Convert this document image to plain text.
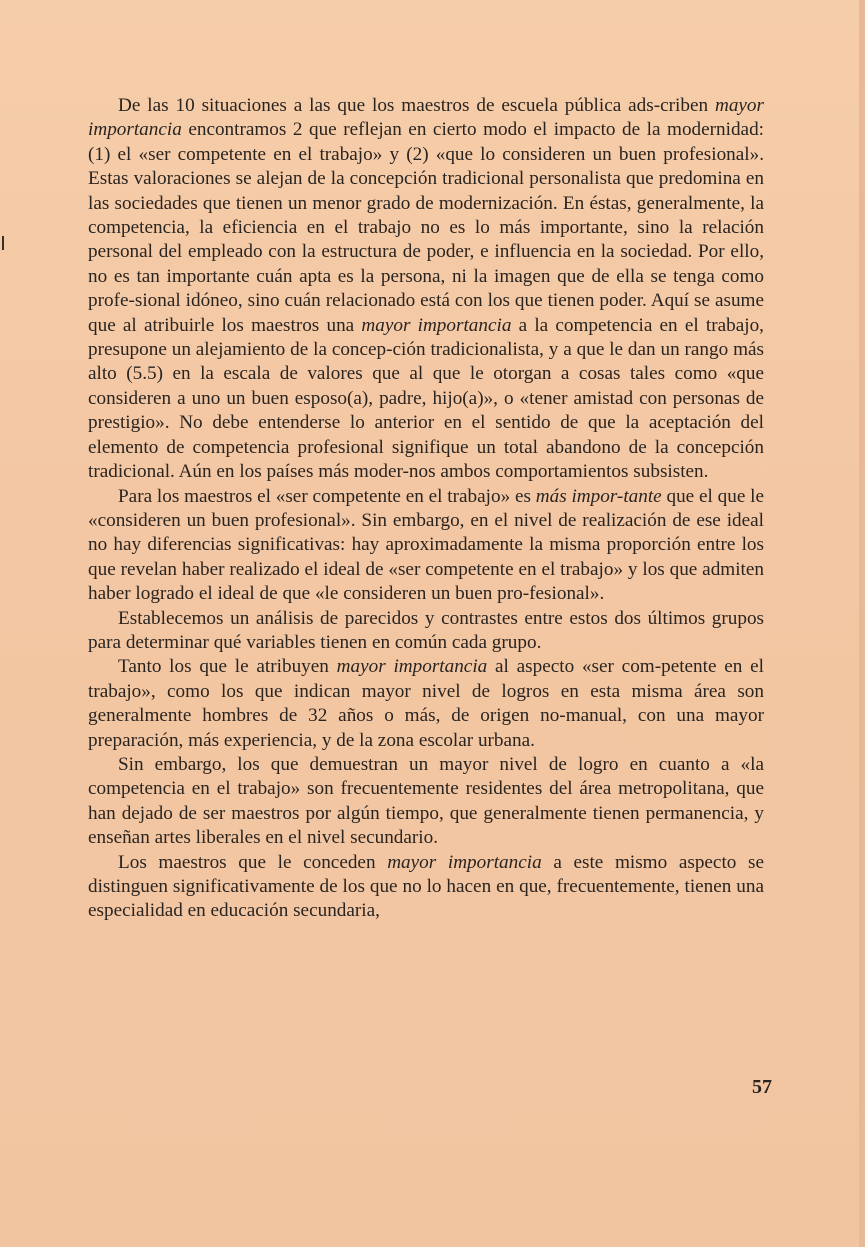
De las 10 situaciones a las que los maestros de escuela pública ads-criben mayor importancia encontramos 2 que reflejan en cierto modo el impacto de la modernidad: (1) el «ser competente en el trabajo» y (2) «que lo consideren un buen profesional». Estas valoraciones se alejan de la concepción tradicional personalista que predomina en las sociedades que tienen un menor grado de modernización. En éstas, generalmente, la competencia, la eficiencia en el trabajo no es lo más importante, sino la relación personal del empleado con la estructura de poder, e influencia en la sociedad. Por ello, no es tan importante cuán apta es la persona, ni la imagen que de ella se tenga como profe-sional idóneo, sino cuán relacionado está con los que tienen poder. Aquí se asume que al atribuirle los maestros una mayor importancia a la competencia en el trabajo, presupone un alejamiento de la concep-ción tradicionalista, y a que le dan un rango más alto (5.5) en la escala de valores que al que le otorgan a cosas tales como «que consideren a uno un buen esposo(a), padre, hijo(a)», o «tener amistad con personas de prestigio». No debe entenderse lo anterior en el sentido de que la aceptación del elemento de competencia profesional signifique un total abandono de la concepción tradicional. Aún en los países más moder-nos ambos comportamientos subsisten.

Para los maestros el «ser competente en el trabajo» es más impor-tante que el que le «consideren un buen profesional». Sin embargo, en el nivel de realización de ese ideal no hay diferencias significativas: hay aproximadamente la misma proporción entre los que revelan haber realizado el ideal de «ser competente en el trabajo» y los que admiten haber logrado el ideal de que «le consideren un buen pro-fesional».

Establecemos un análisis de parecidos y contrastes entre estos dos últimos grupos para determinar qué variables tienen en común cada grupo.

Tanto los que le atribuyen mayor importancia al aspecto «ser com-petente en el trabajo», como los que indican mayor nivel de logros en esta misma área son generalmente hombres de 32 años o más, de origen no-manual, con una mayor preparación, más experiencia, y de la zona escolar urbana.

Sin embargo, los que demuestran un mayor nivel de logro en cuanto a «la competencia en el trabajo» son frecuentemente residentes del área metropolitana, que han dejado de ser maestros por algún tiempo, que generalmente tienen permanencia, y enseñan artes liberales en el nivel secundario.

Los maestros que le conceden mayor importancia a este mismo aspecto se distinguen significativamente de los que no lo hacen en que, frecuentemente, tienen una especialidad en educación secundaria,

57
